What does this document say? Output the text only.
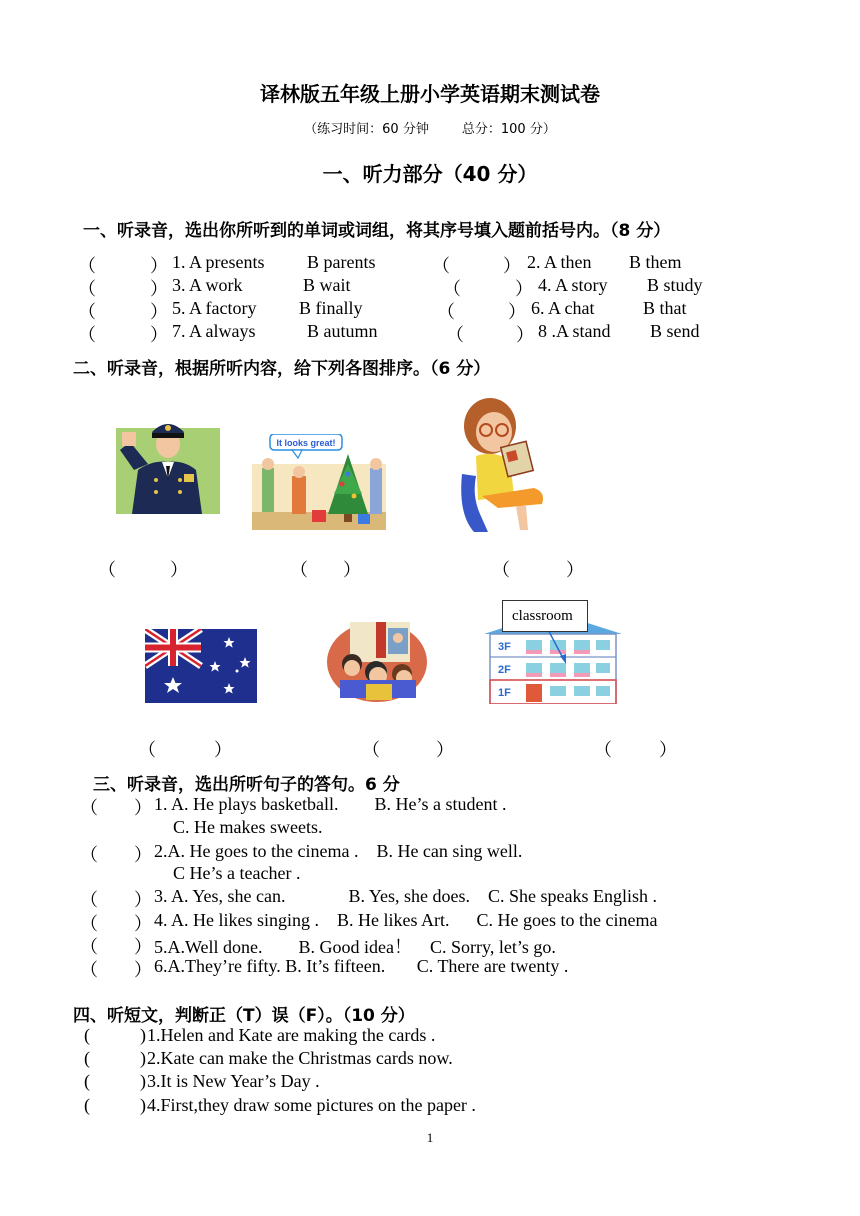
译林版五年级上册小学英语期末测试卷
（练习时间：60 分钟        总分：100 分）
一、听力部分（40 分）
一、听录音，选出你所听到的单词或词组，将其序号填入题前括号内。（8 分）
（	） 1. A presents B parents	（	） 2. A then B them
（	） 3. A work	B wait	（	） 4. A story B study
（	） 5. A factory B finally	（	） 6. A chat	B that
（	） 7. A always	B autumn	（	） 8 .A stand B send
二、听录音，根据所听内容，给下列各图排序。（6 分）
It looks great!
（	）	（ ）	（	）
3F
2F
1F
classroom
（	）	（	）	（	）
三、听录音，选出所听句子的答句。6 分
（ ） 1. A. He plays basketball.        B. He’s a student .
C. He makes sweets.
（ ） 2.A. He goes to the cinema .    B. He can sing well.
C He’s a teacher .
（ ） 3. A. Yes, she can.              B. Yes, she does.    C. She speaks English .
（ ） 4. A. He likes singing .    B. He likes Art.      C. He goes to the cinema
（ ） 5.A.Well done.        B. Good idea！    C. Sorry, let’s go.
（ ） 6.A.They’re fifty. B. It’s fifteen.       C. There are twenty .
四、听短文，判断正（T）误（F）。（10 分）
(	) 1.Helen and Kate are making the cards .
(	) 2.Kate can make the Christmas cards now.
(	) 3.It is New Year’s Day .
(	) 4.First,they draw some pictures on the paper .
1
